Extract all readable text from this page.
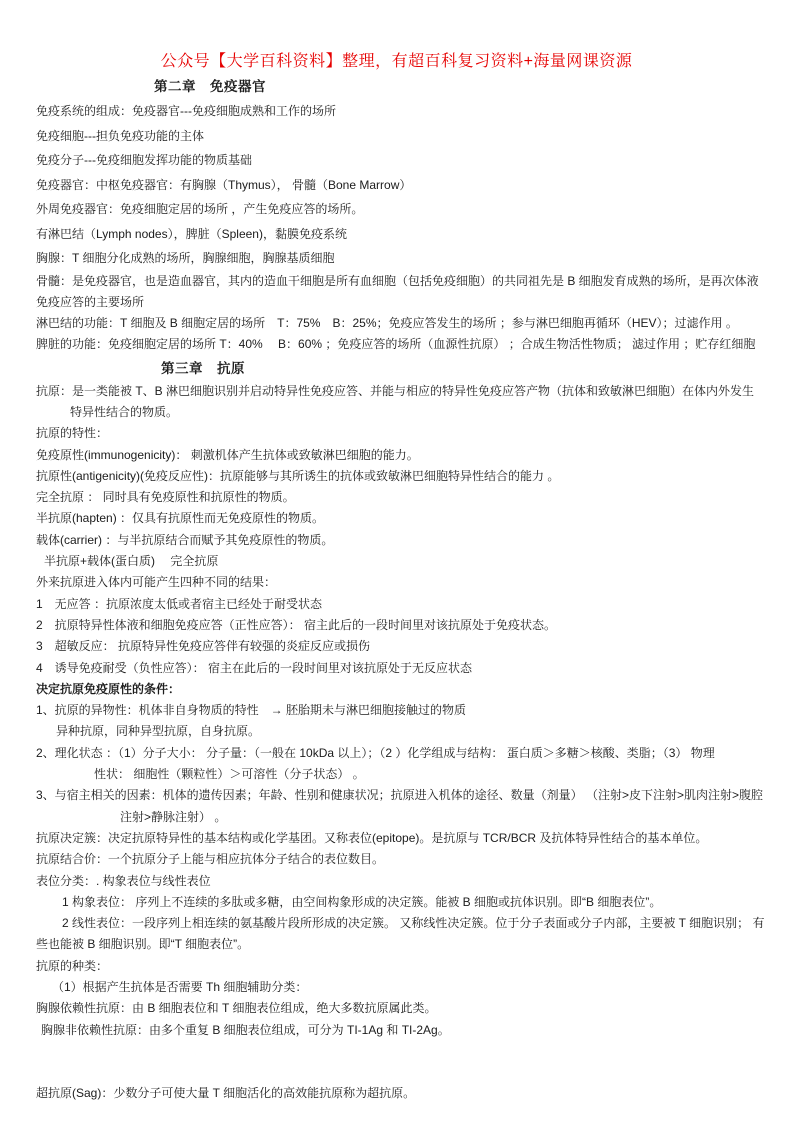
公众号【大学百科资料】整理，有超百科复习资料+海量网课资源
第二章　免疫器官
免疫系统的组成：免疫器官---免疫细胞成熟和工作的场所
免疫细胞---担负免疫功能的主体
免疫分子---免疫细胞发挥功能的物质基础
免疫器官：中枢免疫器官：有胸腺（Thymus）， 骨髓（Bone Marrow）
外周免疫器官：免疫细胞定居的场所 ，产生免疫应答的场所。
有淋巴结（Lymph nodes），脾脏（Spleen)，黏膜免疫系统
胸腺：T 细胞分化成熟的场所，胸腺细胞，胸腺基质细胞
骨髓：是免疫器官，也是造血器官，其内的造血干细胞是所有血细胞（包括免疫细胞）的共同祖先是 B 细胞发育成熟的场所，是再次体液
免疫应答的主要场所
淋巴结的功能：T 细胞及 B 细胞定居的场所　T：75%　B：25%；免疫应答发生的场所 ；参与淋巴细胞再循环（HEV）；过滤作用 。
脾脏的功能：免疫细胞定居的场所 T：40%　 B：60% ；免疫应答的场所（血源性抗原） ；合成生物活性物质； 滤过作用 ；贮存红细胞
第三章　抗原
抗原：是一类能被 T、B 淋巴细胞识别并启动特异性免疫应答、并能与相应的特异性免疫应答产物（抗体和致敏淋巴细胞）在体内外发生
特异性结合的物质。
抗原的特性：
免疫原性(immunogenicity)： 刺激机体产生抗体或致敏淋巴细胞的能力。
抗原性(antigenicity)(免疫反应性)：抗原能够与其所诱生的抗体或致敏淋巴细胞特异性结合的能力 。
完全抗原 ： 同时具有免疫原性和抗原性的物质。
半抗原(hapten) ：仅具有抗原性而无免疫原性的物质。
载体(carrier) ：与半抗原结合而赋予其免疫原性的物质。
半抗原+载体(蛋白质)　 完全抗原
外来抗原进入体内可能产生四种不同的结果：
1　无应答 ：抗原浓度太低或者宿主已经处于耐受状态
2　抗原特异性体液和细胞免疫应答（正性应答）： 宿主此后的一段时间里对该抗原处于免疫状态。
3　超敏反应： 抗原特异性免疫应答伴有较强的炎症反应或损伤
4　诱导免疫耐受（负性应答）： 宿主在此后的一段时间里对该抗原处于无反应状态
决定抗原免疫原性的条件：
1、抗原的异物性：机体非自身物质的特性　→ 胚胎期未与淋巴细胞接触过的物质
异种抗原，同种异型抗原，自身抗原。
2、理化状态 ：（1）分子大小： 分子量：（一般在 10kDa 以上）；（2 ）化学组成与结构： 蛋白质＞多糖＞核酸、类脂；（3） 物理
性状： 细胞性（颗粒性）＞可溶性（分子状态） 。
3、与宿主相关的因素：机体的遗传因素；年龄、性别和健康状况；抗原进入机体的途径、数量（剂量） （注射>皮下注射>肌肉注射>腹腔
注射>静脉注射） 。
抗原决定簇：决定抗原特异性的基本结构或化学基团。又称表位(epitope)。是抗原与 TCR/BCR 及抗体特异性结合的基本单位。
抗原结合价：一个抗原分子上能与相应抗体分子结合的表位数目。
表位分类：. 构象表位与线性表位
1 构象表位： 序列上不连续的多肽或多糖，由空间构象形成的决定簇。能被 B 细胞或抗体识别。即“B 细胞表位”。
2 线性表位：一段序列上相连续的氨基酸片段所形成的决定簇。 又称线性决定簇。位于分子表面或分子内部，主要被 T 细胞识别； 有
些也能被 B 细胞识别。即“T 细胞表位”。
抗原的种类：
（1）根据产生抗体是否需要 Th 细胞辅助分类：
胸腺依赖性抗原：由 B 细胞表位和 T 细胞表位组成，绝大多数抗原属此类。
胸腺非依赖性抗原：由多个重复 B 细胞表位组成，可分为 TI-1Ag 和 TI-2Ag。
超抗原(Sag)：少数分子可使大量 T 细胞活化的高效能抗原称为超抗原。
